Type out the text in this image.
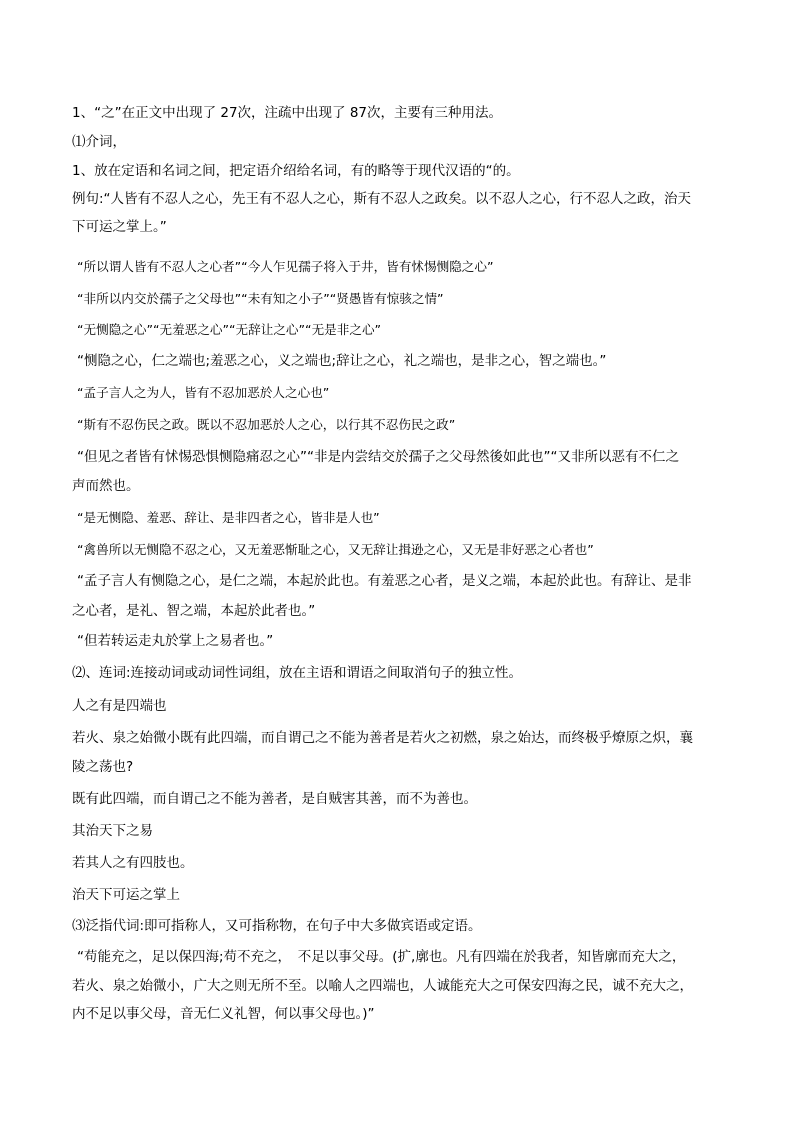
1、“之”在正文中出现了 27次，注疏中出现了 87次，主要有三种用法。
⑴介词，
1、放在定语和名词之间，把定语介绍给名词，有的略等于现代汉语的“的。
例句:“人皆有不忍人之心，先王有不忍人之心，斯有不忍人之政矣。以不忍人之心，行不忍人之政，治天
下可运之掌上。”
“所以谓人皆有不忍人之心者”“今人乍见孺子将入于井，皆有怵惕恻隐之心”
“非所以内交於孺子之父母也”“未有知之小子”“贤愚皆有惊骇之情”
“无恻隐之心”“无羞恶之心”“无辞让之心”“无是非之心”
“恻隐之心，仁之端也;羞恶之心，义之端也;辞让之心，礼之端也，是非之心，智之端也。”
“孟子言人之为人，皆有不忍加恶於人之心也”
“斯有不忍伤民之政。既以不忍加恶於人之心，以行其不忍伤民之政”
“但见之者皆有怵惕恐惧恻隐痛忍之心”“非是内尝结交於孺子之父母然後如此也”“又非所以恶有不仁之
声而然也。
“是无恻隐、羞恶、辞让、是非四者之心，皆非是人也”
“禽兽所以无恻隐不忍之心，又无羞恶惭耻之心，又无辞让揖逊之心，又无是非好恶之心者也”
“孟子言人有恻隐之心，是仁之端，本起於此也。有羞恶之心者，是义之端，本起於此也。有辞让、是非
之心者，是礼、智之端，本起於此者也。”
“但若转运走丸於掌上之易者也。”
⑵、连词:连接动词或动词性词组，放在主语和谓语之间取消句子的独立性。
人之有是四端也
若火、泉之始微小既有此四端，而自谓己之不能为善者是若火之初燃，泉之始达，而终极乎燎原之炽，襄
陵之荡也?
既有此四端，而自谓己之不能为善者，是自贼害其善，而不为善也。
其治天下之易
若其人之有四肢也。
治天下可运之掌上
⑶泛指代词:即可指称人，又可指称物，在句子中大多做宾语或定语。
“苟能充之，足以保四海;苟不充之，　不足以事父母。(扩,廓也。凡有四端在於我者，知皆廓而充大之，
若火、泉之始微小，广大之则无所不至。以喻人之四端也，人诚能充大之可保安四海之民，诚不充大之，
内不足以事父母，音无仁义礼智，何以事父母也。)”
